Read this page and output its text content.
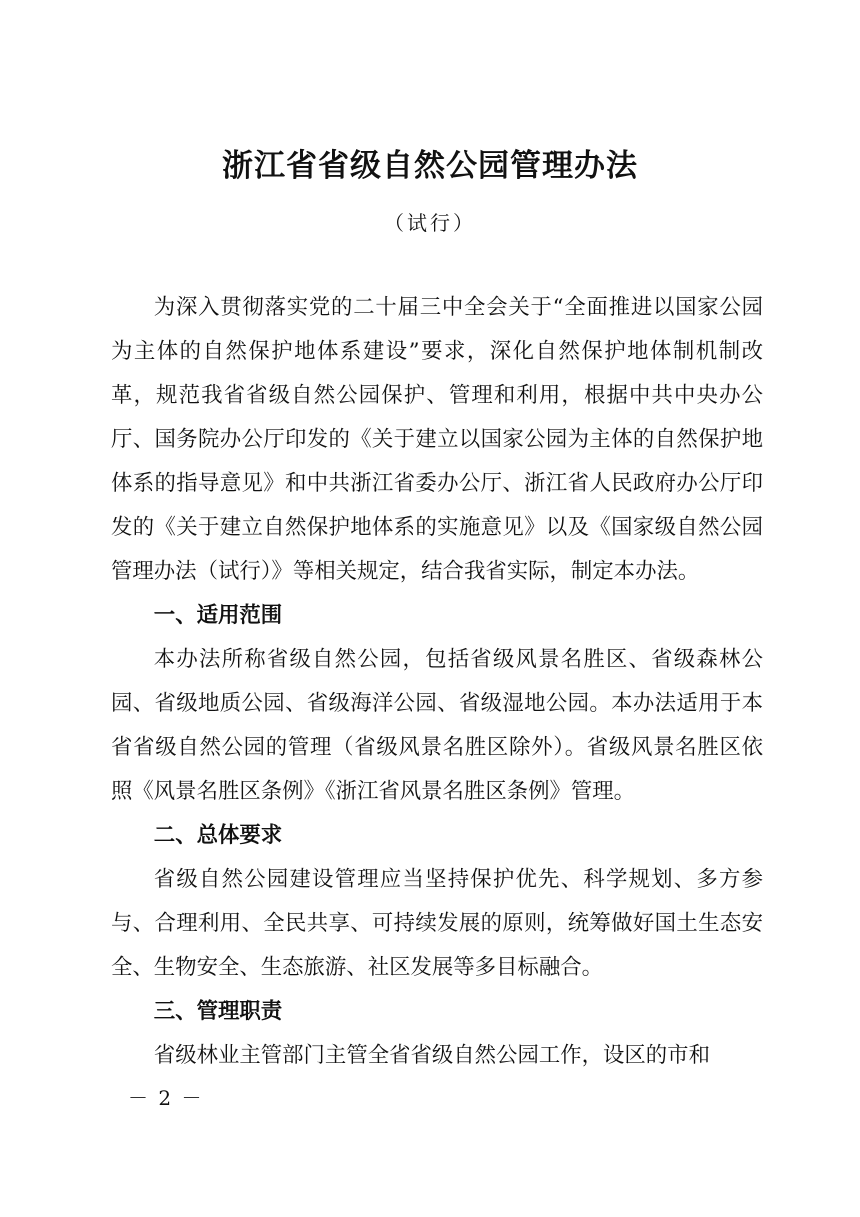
浙江省省级自然公园管理办法
（试行）

为深入贯彻落实党的二十届三中全会关于“全面推进以国家公园为主体的自然保护地体系建设”要求，深化自然保护地体制机制改革，规范我省省级自然公园保护、管理和利用，根据中共中央办公厅、国务院办公厅印发的《关于建立以国家公园为主体的自然保护地体系的指导意见》和中共浙江省委办公厅、浙江省人民政府办公厅印发的《关于建立自然保护地体系的实施意见》以及《国家级自然公园管理办法（试行）》等相关规定，结合我省实际，制定本办法。

一、适用范围

本办法所称省级自然公园，包括省级风景名胜区、省级森林公园、省级地质公园、省级海洋公园、省级湿地公园。本办法适用于本省省级自然公园的管理（省级风景名胜区除外）。省级风景名胜区依照《风景名胜区条例》《浙江省风景名胜区条例》管理。

二、总体要求

省级自然公园建设管理应当坚持保护优先、科学规划、多方参与、合理利用、全民共享、可持续发展的原则，统筹做好国土生态安全、生物安全、生态旅游、社区发展等多目标融合。

三、管理职责

省级林业主管部门主管全省省级自然公园工作，设区的市和

－ 2 －
